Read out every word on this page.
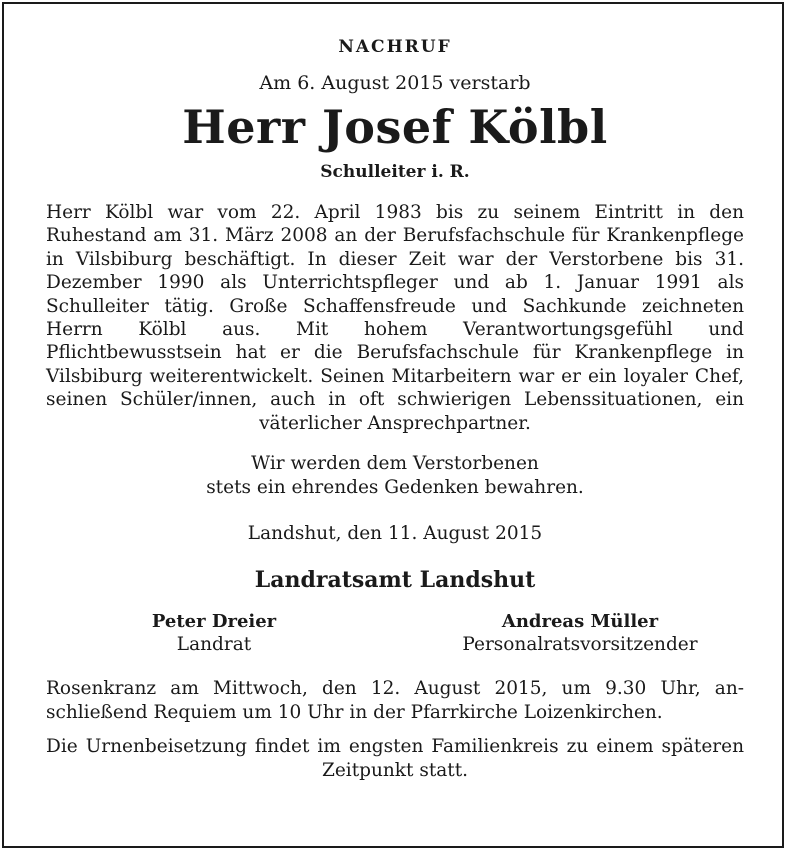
NACHRUF

Am 6. August 2015 verstarb

Herr Josef Kölbl

Schulleiter i. R.

Herr Kölbl war vom 22. April 1983 bis zu seinem Eintritt in den Ruhestand am 31. März 2008 an der Berufsfachschule für Krankenpflege in Vilsbiburg beschäftigt. In dieser Zeit war der Verstorbene bis 31. Dezember 1990 als Unterrichtspfleger und ab 1. Januar 1991 als Schulleiter tätig. Große Schaffensfreude und Sachkunde zeichneten Herrn Kölbl aus. Mit hohem Verantwortungsgefühl und Pflichtbewusstsein hat er die Berufsfachschule für Krankenpflege in Vilsbiburg weiterentwickelt. Seinen Mitarbeitern war er ein loyaler Chef, seinen Schüler/innen, auch in oft schwierigen Lebenssituationen, ein väterlicher Ansprechpartner.

Wir werden dem Verstorbenen
stets ein ehrendes Gedenken bewahren.

Landshut, den 11. August 2015

Landratsamt Landshut

Peter Dreier
Landrat
Andreas Müller
Personalratsvorsitzender

Rosenkranz am Mittwoch, den 12. August 2015, um 9.30 Uhr, anschließend Requiem um 10 Uhr in der Pfarrkirche Loizenkirchen.

Die Urnenbeisetzung findet im engsten Familienkreis zu einem späteren Zeitpunkt statt.
